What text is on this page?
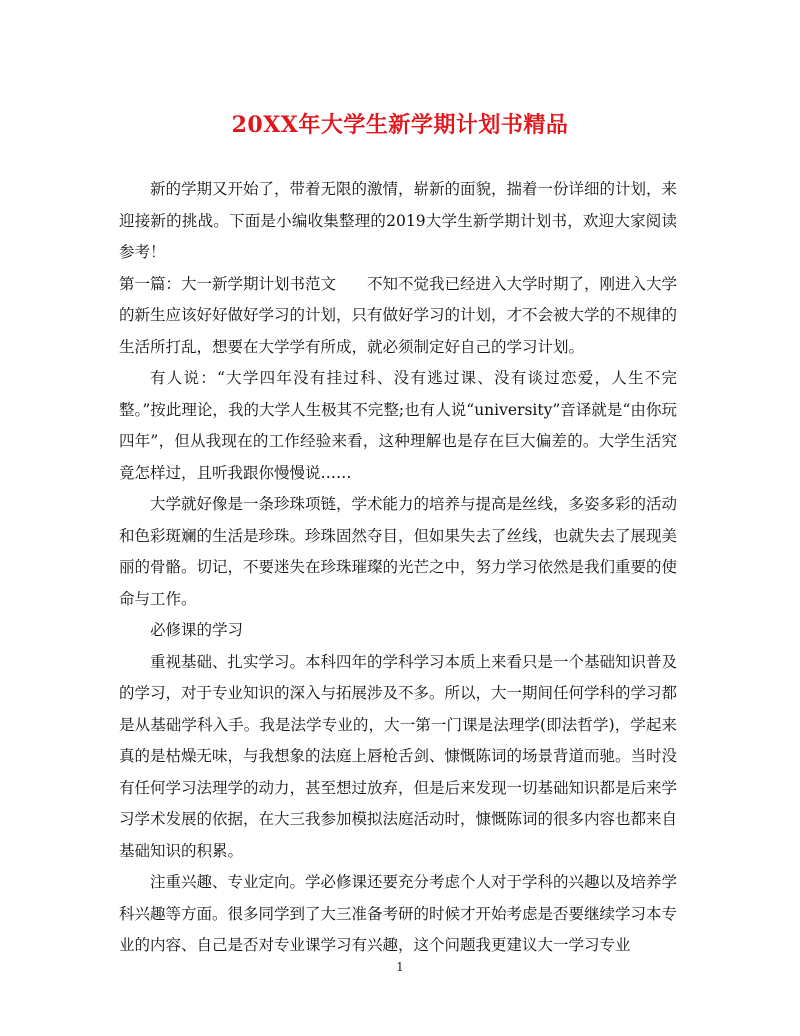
20XX年大学生新学期计划书精品

新的学期又开始了，带着无限的激情，崭新的面貌，揣着一份详细的计划，来迎接新的挑战。下面是小编收集整理的2019大学生新学期计划书，欢迎大家阅读参考！

第一篇：大一新学期计划书范文　　不知不觉我已经进入大学时期了，刚进入大学的新生应该好好做好学习的计划，只有做好学习的计划，才不会被大学的不规律的生活所打乱，想要在大学学有所成，就必须制定好自己的学习计划。

有人说：“大学四年没有挂过科、没有逃过课、没有谈过恋爱，人生不完整。”按此理论，我的大学人生极其不完整;也有人说“university”音译就是“由你玩四年”，但从我现在的工作经验来看，这种理解也是存在巨大偏差的。大学生活究竟怎样过，且听我跟你慢慢说……

大学就好像是一条珍珠项链，学术能力的培养与提高是丝线，多姿多彩的活动和色彩斑斓的生活是珍珠。珍珠固然夺目，但如果失去了丝线，也就失去了展现美丽的骨骼。切记，不要迷失在珍珠璀璨的光芒之中，努力学习依然是我们重要的使命与工作。

必修课的学习

重视基础、扎实学习。本科四年的学科学习本质上来看只是一个基础知识普及的学习，对于专业知识的深入与拓展涉及不多。所以，大一期间任何学科的学习都是从基础学科入手。我是法学专业的，大一第一门课是法理学(即法哲学)，学起来真的是枯燥无味，与我想象的法庭上唇枪舌剑、慷慨陈词的场景背道而驰。当时没有任何学习法理学的动力，甚至想过放弃，但是后来发现一切基础知识都是后来学习学术发展的依据，在大三我参加模拟法庭活动时，慷慨陈词的很多内容也都来自基础知识的积累。

注重兴趣、专业定向。学必修课还要充分考虑个人对于学科的兴趣以及培养学科兴趣等方面。很多同学到了大三准备考研的时候才开始考虑是否要继续学习本专业的内容、自己是否对专业课学习有兴趣，这个问题我更建议大一学习专业

1
